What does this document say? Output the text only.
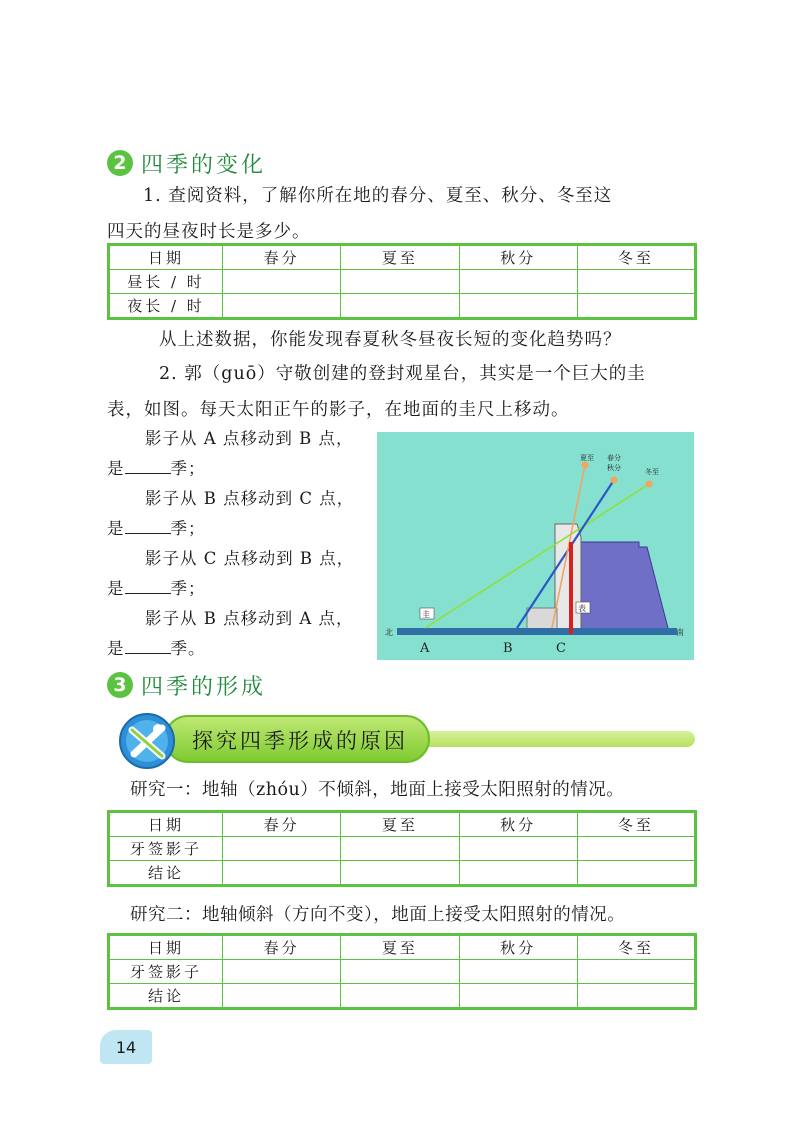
2 四季的变化
1. 查阅资料，了解你所在地的春分、夏至、秋分、冬至这
四天的昼夜时长是多少。
日期	春分	夏至	秋分	冬至
昼长 / 时				
夜长 / 时				
从上述数据，你能发现春夏秋冬昼夜长短的变化趋势吗？
2. 郭（guō）守敬创建的登封观星台，其实是一个巨大的圭
表，如图。每天太阳正午的影子，在地面的圭尺上移动。
影子从 A 点移动到 B 点，
是	季；
影子从 B 点移动到 C 点，
是	季；
影子从 C 点移动到 B 点，
是	季；
影子从 B 点移动到 A 点，
是	季。
夏至 春分
秋分	冬至
圭
表
北	南
A	B	C
3 四季的形成
探究四季形成的原因
研究一：地轴（zhóu）不倾斜，地面上接受太阳照射的情况。
日期	春分	夏至	秋分	冬至
牙签影子				
结论				
研究二：地轴倾斜（方向不变），地面上接受太阳照射的情况。
日期	春分	夏至	秋分	冬至
牙签影子				
结论				
14
